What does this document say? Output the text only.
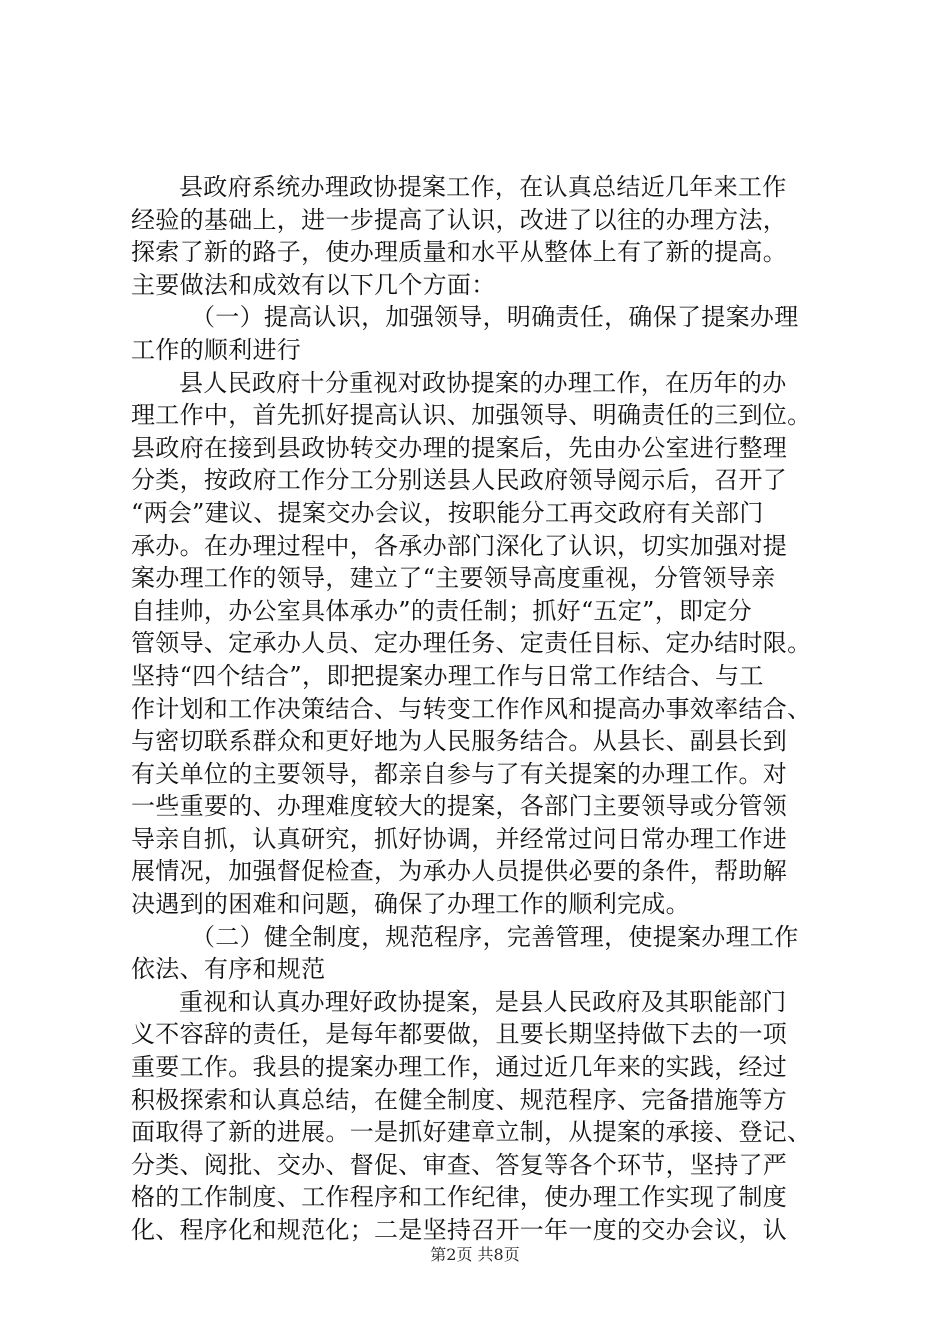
县政府系统办理政协提案工作，在认真总结近几年来工作
经验的基础上，进一步提高了认识，改进了以往的办理方法，
探索了新的路子，使办理质量和水平从整体上有了新的提高。
主要做法和成效有以下几个方面：
（一）提高认识，加强领导，明确责任，确保了提案办理
工作的顺利进行
县人民政府十分重视对政协提案的办理工作，在历年的办
理工作中，首先抓好提高认识、加强领导、明确责任的三到位。
县政府在接到县政协转交办理的提案后，先由办公室进行整理
分类，按政府工作分工分别送县人民政府领导阅示后，召开了
“两会”建议、提案交办会议，按职能分工再交政府有关部门
承办。在办理过程中，各承办部门深化了认识，切实加强对提
案办理工作的领导，建立了“主要领导高度重视，分管领导亲
自挂帅，办公室具体承办”的责任制；抓好“五定”，即定分
管领导、定承办人员、定办理任务、定责任目标、定办结时限。
坚持“四个结合”，即把提案办理工作与日常工作结合、与工
作计划和工作决策结合、与转变工作作风和提高办事效率结合、
与密切联系群众和更好地为人民服务结合。从县长、副县长到
有关单位的主要领导，都亲自参与了有关提案的办理工作。对
一些重要的、办理难度较大的提案，各部门主要领导或分管领
导亲自抓，认真研究，抓好协调，并经常过问日常办理工作进
展情况，加强督促检查，为承办人员提供必要的条件，帮助解
决遇到的困难和问题，确保了办理工作的顺利完成。
（二）健全制度，规范程序，完善管理，使提案办理工作
依法、有序和规范
重视和认真办理好政协提案，是县人民政府及其职能部门
义不容辞的责任，是每年都要做，且要长期坚持做下去的一项
重要工作。我县的提案办理工作，通过近几年来的实践，经过
积极探索和认真总结，在健全制度、规范程序、完备措施等方
面取得了新的进展。一是抓好建章立制，从提案的承接、登记、
分类、阅批、交办、督促、审查、答复等各个环节，坚持了严
格的工作制度、工作程序和工作纪律，使办理工作实现了制度
化、程序化和规范化；二是坚持召开一年一度的交办会议，认
第2页 共8页
